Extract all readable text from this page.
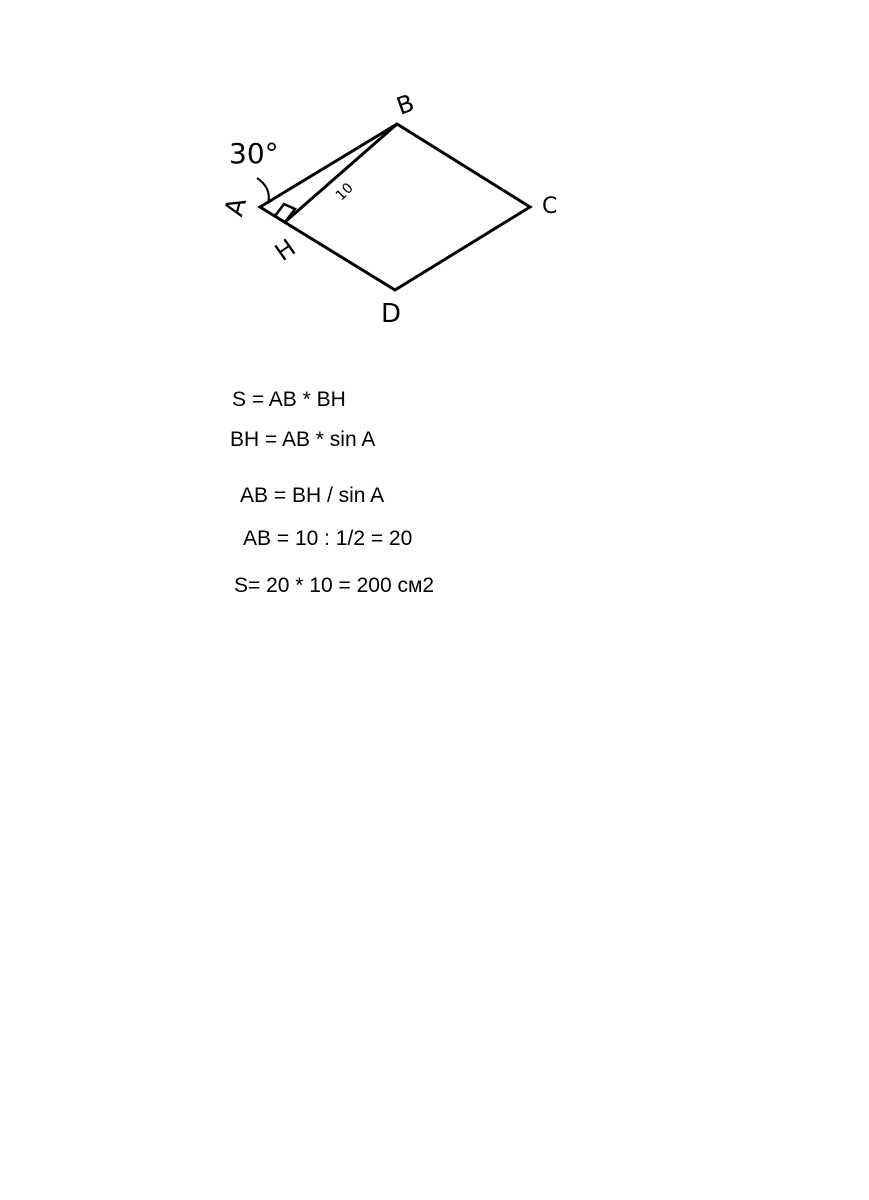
A
B
C
D
H
30°
10
S = AB * BH
BH = AB * sin A
AB = BH / sin A
AB = 10 : 1/2 = 20
S= 20 * 10 = 200 см2
